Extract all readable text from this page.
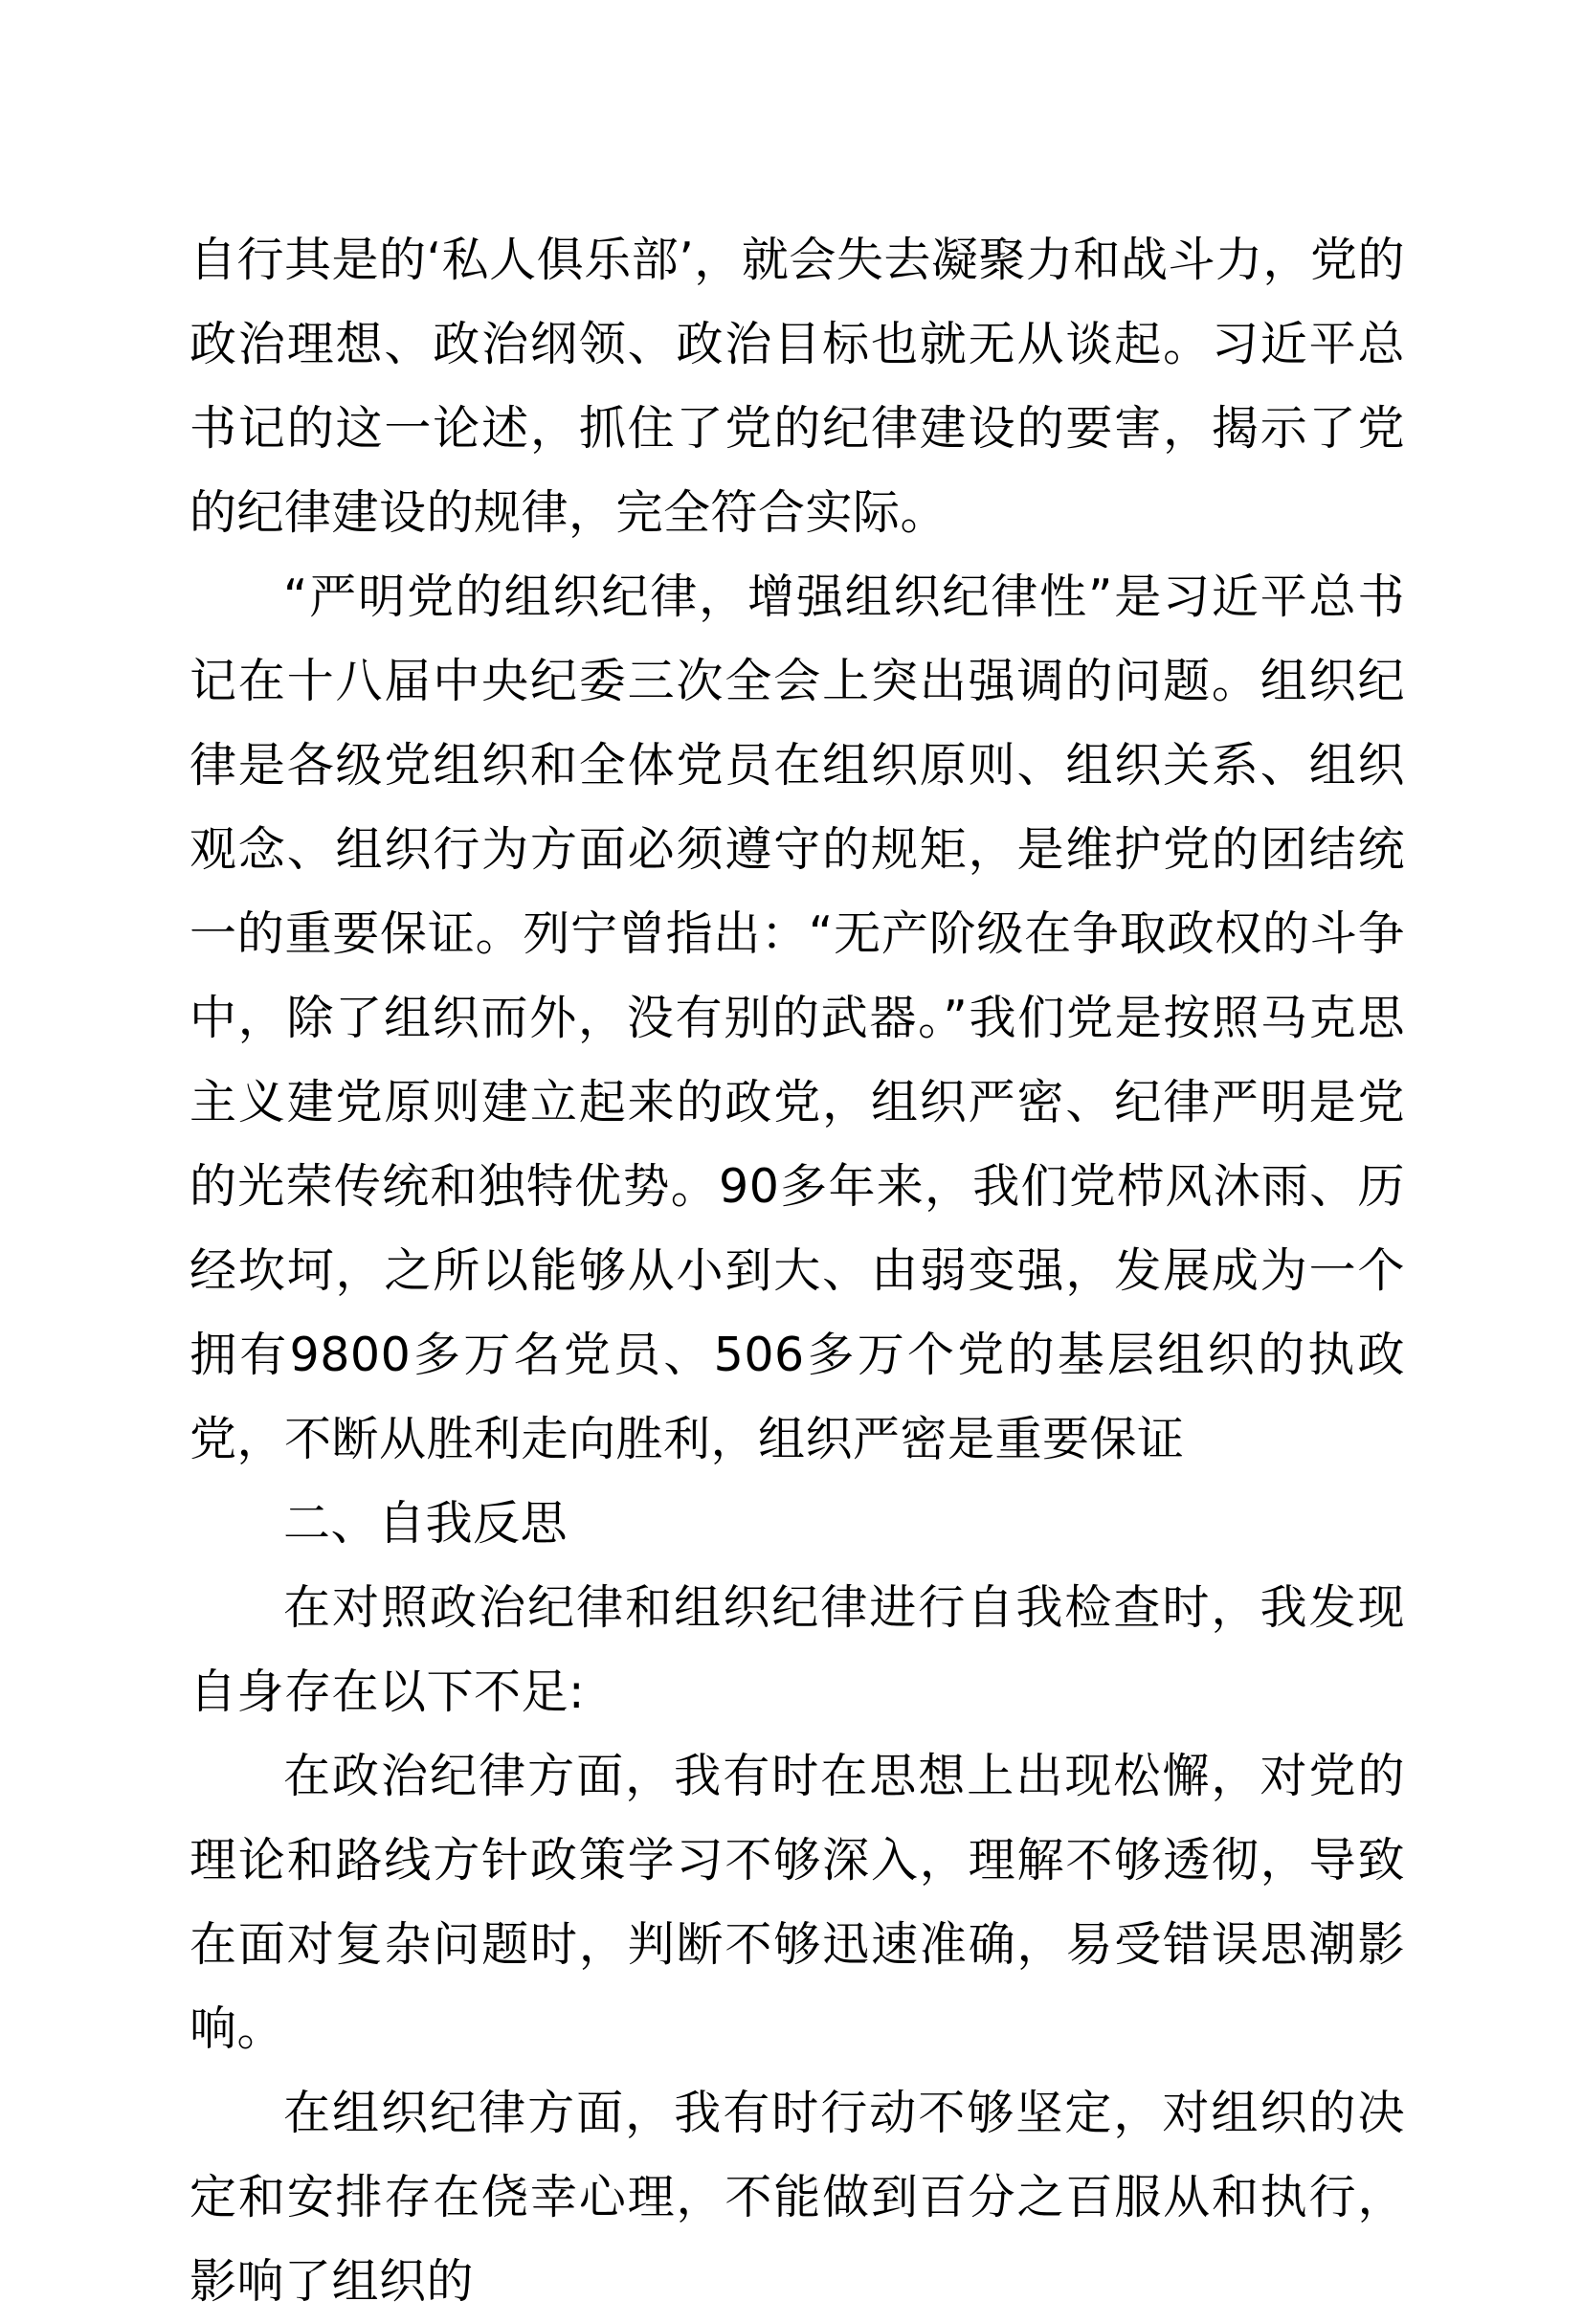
自行其是的‘私人俱乐部’，就会失去凝聚力和战斗力，党的政治理想、政治纲领、政治目标也就无从谈起。习近平总书记的这一论述，抓住了党的纪律建设的要害，揭示了党的纪律建设的规律，完全符合实际。

“严明党的组织纪律，增强组织纪律性”是习近平总书记在十八届中央纪委三次全会上突出强调的问题。组织纪律是各级党组织和全体党员在组织原则、组织关系、组织观念、组织行为方面必须遵守的规矩，是维护党的团结统一的重要保证。列宁曾指出：“无产阶级在争取政权的斗争中，除了组织而外，没有别的武器。”我们党是按照马克思主义建党原则建立起来的政党，组织严密、纪律严明是党的光荣传统和独特优势。90多年来，我们党栉风沐雨、历经坎坷，之所以能够从小到大、由弱变强，发展成为一个拥有9800多万名党员、506多万个党的基层组织的执政党，不断从胜利走向胜利，组织严密是重要保证

二、自我反思

在对照政治纪律和组织纪律进行自我检查时，我发现自身存在以下不足:

在政治纪律方面，我有时在思想上出现松懈，对党的理论和路线方针政策学习不够深入，理解不够透彻，导致在面对复杂问题时，判断不够迅速准确，易受错误思潮影响。

在组织纪律方面，我有时行动不够坚定，对组织的决定和安排存在侥幸心理，不能做到百分之百服从和执行，影响了组织的
